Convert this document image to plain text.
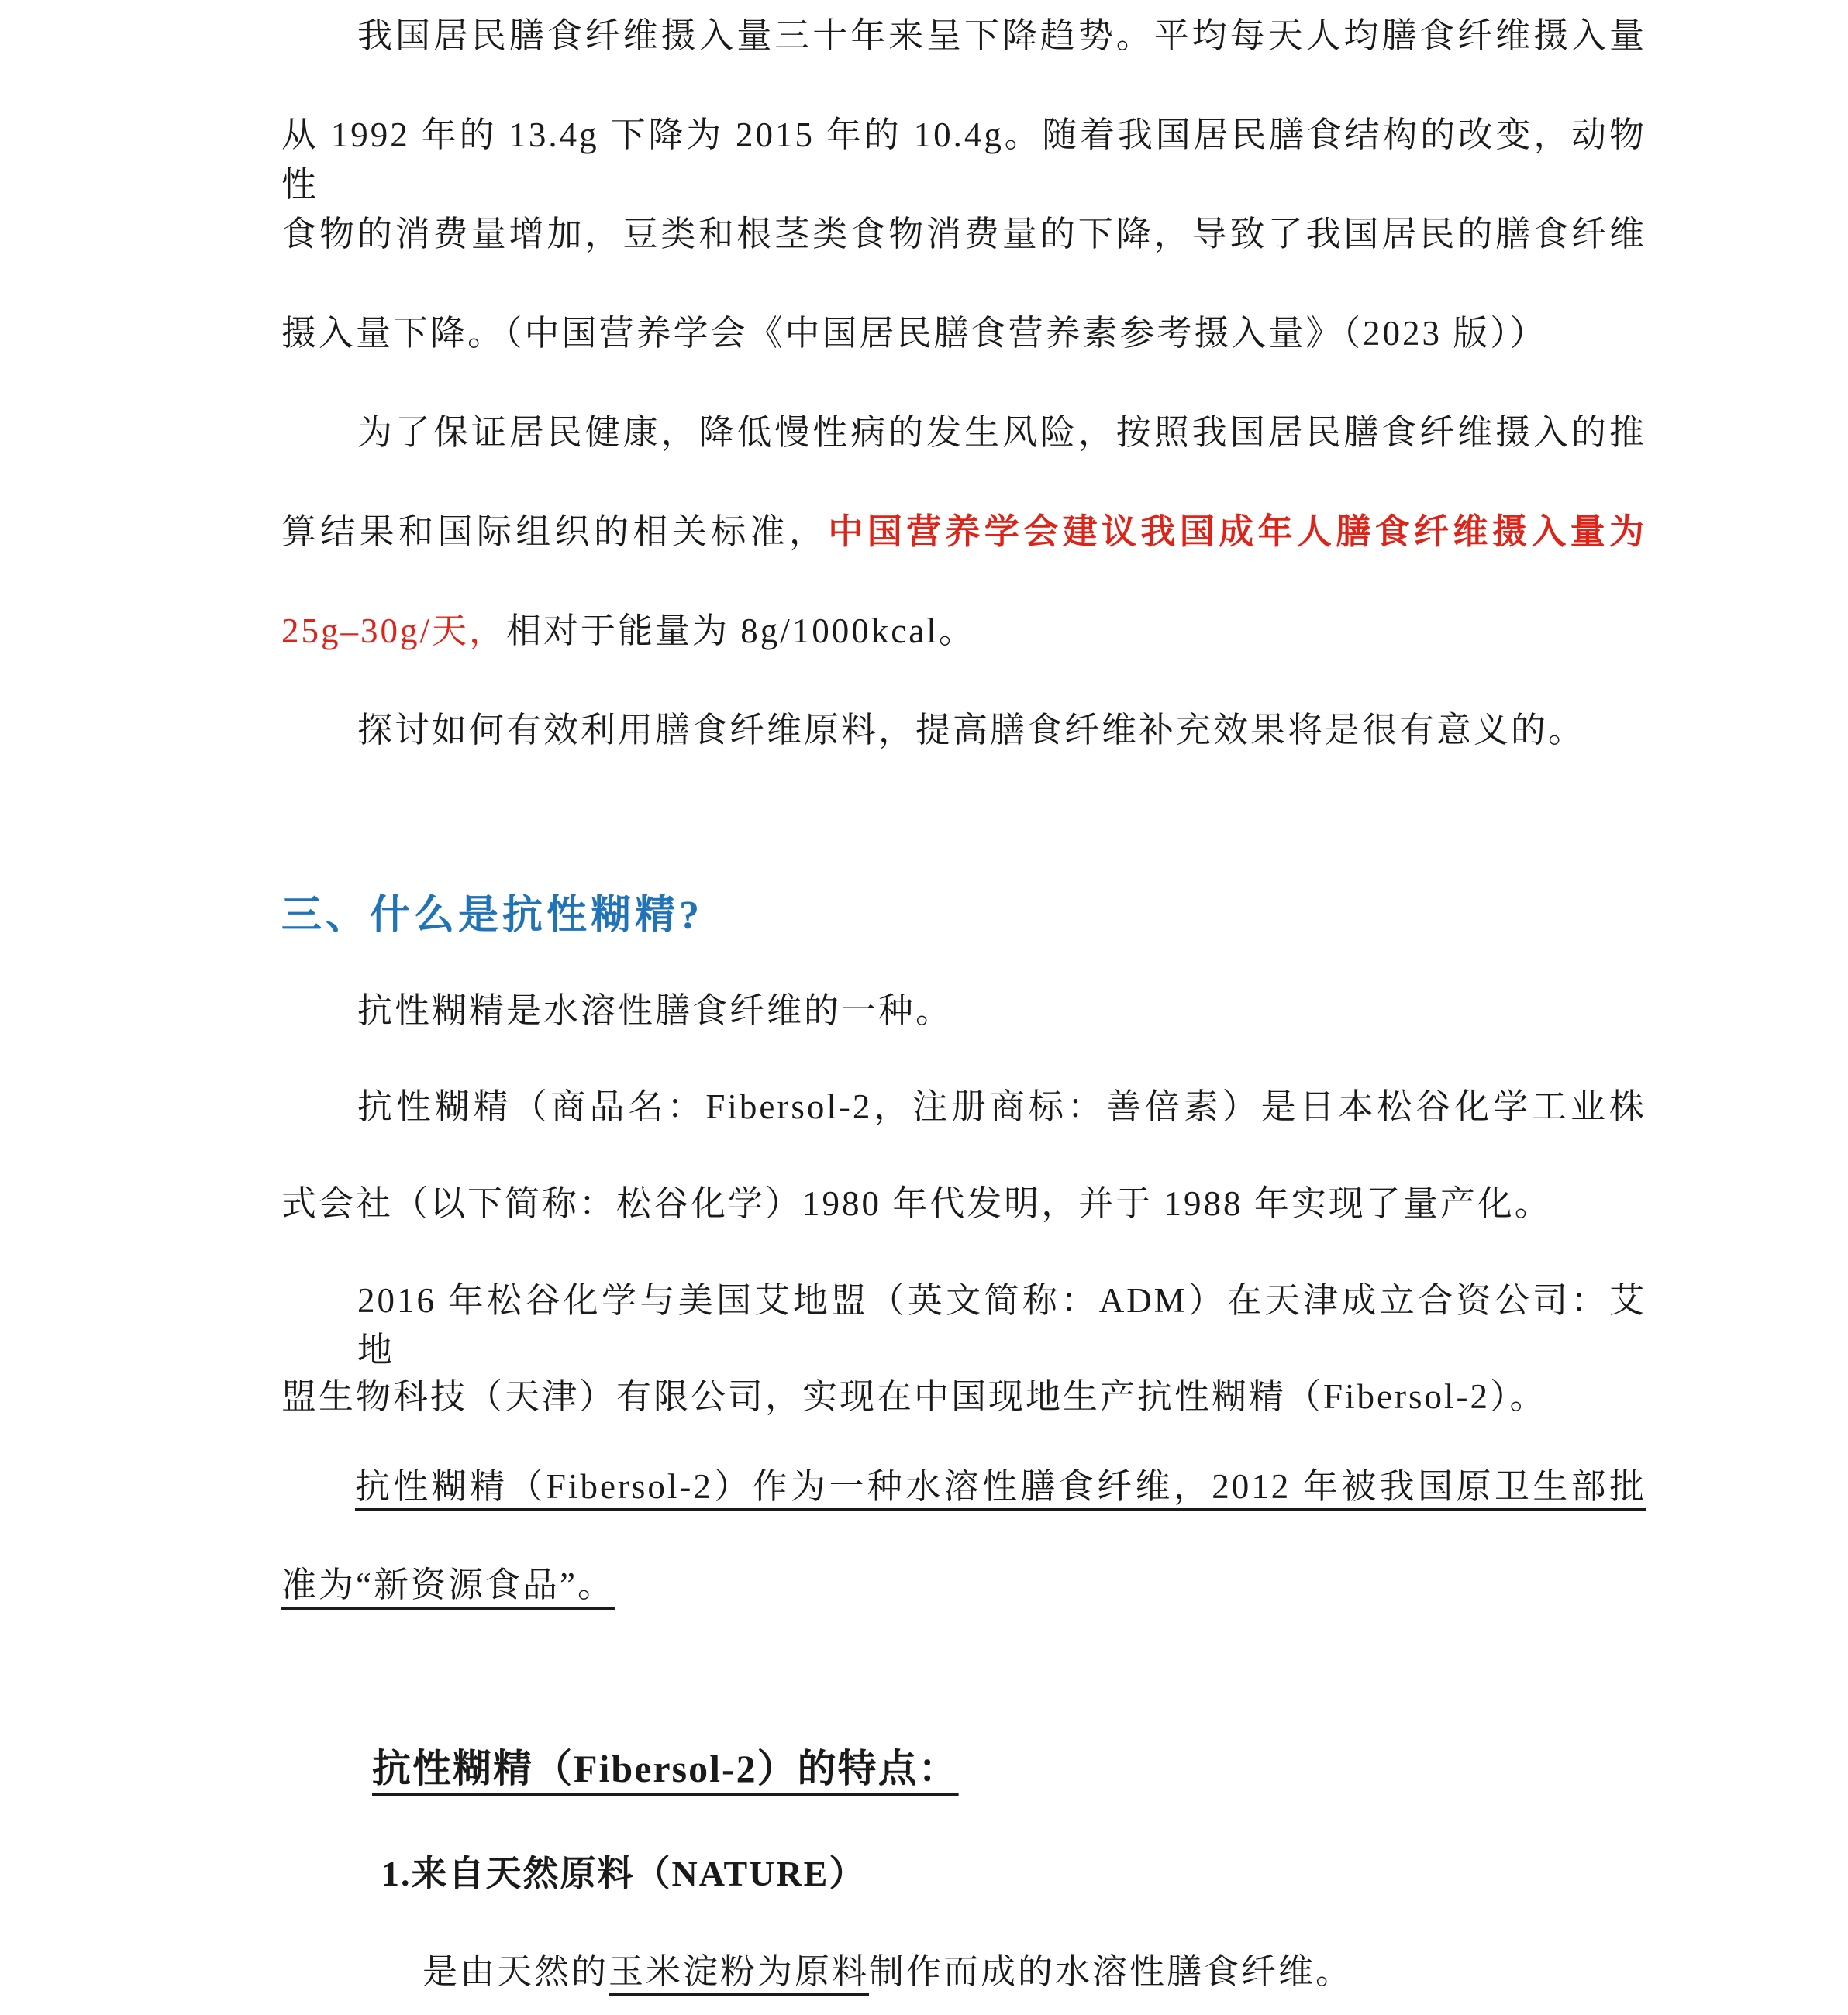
我国居民膳食纤维摄入量三十年来呈下降趋势。平均每天人均膳食纤维摄入量
从 1992 年的 13.4g 下降为 2015 年的 10.4g。随着我国居民膳食结构的改变，动物性
食物的消费量增加，豆类和根茎类食物消费量的下降，导致了我国居民的膳食纤维
摄入量下降。（中国营养学会《中国居民膳食营养素参考摄入量》（2023 版））
为了保证居民健康，降低慢性病的发生风险，按照我国居民膳食纤维摄入的推
算结果和国际组织的相关标准，中国营养学会建议我国成年人膳食纤维摄入量为
25g–30g/天，相对于能量为 8g/1000kcal。
探讨如何有效利用膳食纤维原料，提高膳食纤维补充效果将是很有意义的。
三、什么是抗性糊精?
抗性糊精是水溶性膳食纤维的一种。
抗性糊精（商品名：Fibersol-2，注册商标：善倍素）是日本松谷化学工业株
式会社（以下简称：松谷化学）1980 年代发明，并于 1988 年实现了量产化。
2016 年松谷化学与美国艾地盟（英文简称：ADM）在天津成立合资公司：艾地
盟生物科技（天津）有限公司，实现在中国现地生产抗性糊精（Fibersol-2）。
抗性糊精（Fibersol-2）作为一种水溶性膳食纤维，2012 年被我国原卫生部批
准为“新资源食品”。
抗性糊精（Fibersol-2）的特点：
1.来自天然原料（NATURE）
是由天然的玉米淀粉为原料制作而成的水溶性膳食纤维。
